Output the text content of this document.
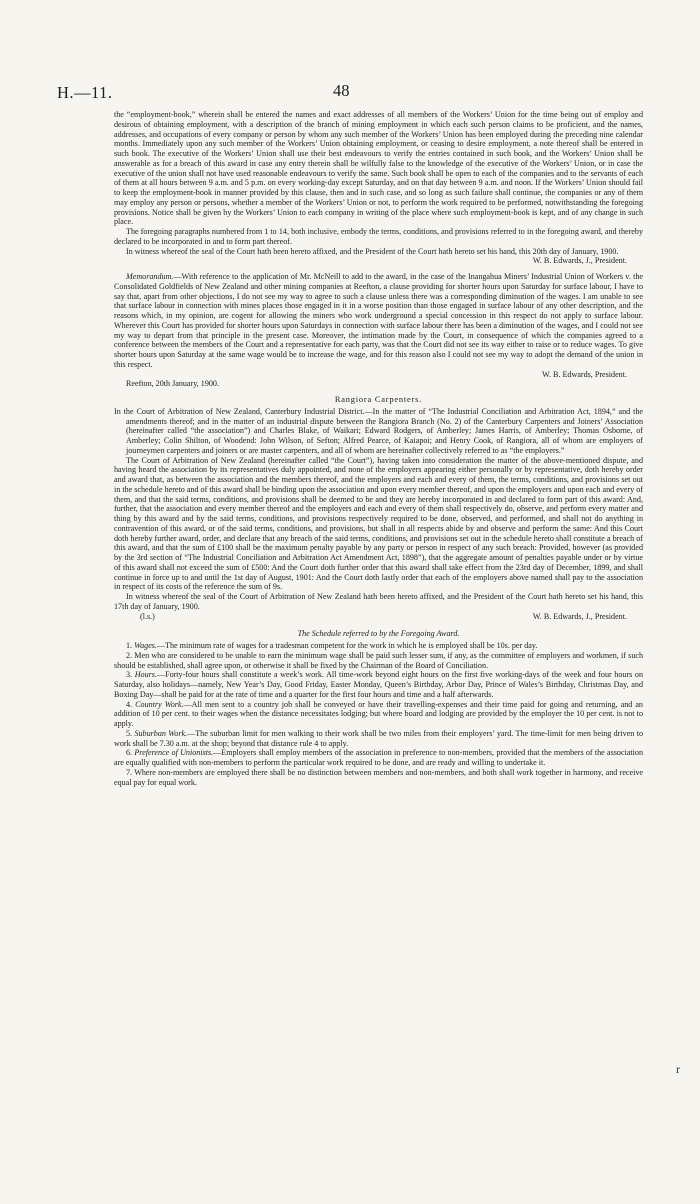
H.—11.	48

the “employment-book,” wherein shall be entered the names and exact addresses of all members of the Workers’ Union for the time being out of employ and desirous of obtaining employment, with a description of the branch of mining employment in which each such person claims to be proficient, and the names, addresses, and occupations of every company or person by whom any such member of the Workers’ Union has been employed during the preceding nine calendar months. Immediately upon any such member of the Workers’ Union obtaining employment, or ceasing to desire employment, a note thereof shall be entered in such book. The executive of the Workers’ Union shall use their best endeavours to verify the entries contained in such book, and the Workers’ Union shall be answerable as for a breach of this award in case any entry therein shall be wilfully false to the knowledge of the executive of the Workers’ Union, or in case the executive of the union shall not have used reasonable endeavours to verify the same. Such book shall be open to each of the companies and to the servants of each of them at all hours between 9 a.m. and 5 p.m. on every working-day except Saturday, and on that day between 9 a.m. and noon. If the Workers’ Union should fail to keep the employment-book in manner provided by this clause, then and in such case, and so long as such failure shall continue, the companies or any of them may employ any person or persons, whether a member of the Workers’ Union or not, to perform the work required to be performed, notwithstanding the foregoing provisions. Notice shall be given by the Workers’ Union to each company in writing of the place where such employment-book is kept, and of any change in such place.

The foregoing paragraphs numbered from 1 to 14, both inclusive, embody the terms, conditions, and provisions referred to in the foregoing award, and thereby declared to be incorporated in and to form part thereof.

In witness whereof the seal of the Court hath been hereto affixed, and the President of the Court hath hereto set his hand, this 20th day of January, 1900.

W. B. Edwards, J., President.

Memorandum.—With reference to the application of Mr. McNeill to add to the award, in the case of the Inangahua Miners’ Industrial Union of Workers v. the Consolidated Goldfields of New Zealand and other mining companies at Reefton, a clause providing for shorter hours upon Saturday for surface labour, I have to say that, apart from other objections, I do not see my way to agree to such a clause unless there was a corresponding diminution of the wages. I am unable to see that surface labour in connection with mines places those engaged in it in a worse position than those engaged in surface labour of any other description, and the reasons which, in my opinion, are cogent for allowing the miners who work underground a special concession in this respect do not apply to surface labour. Wherever this Court has provided for shorter hours upon Saturdays in connection with surface labour there has been a diminution of the wages, and I could not see my way to depart from that principle in the present case. Moreover, the intimation made by the Court, in consequence of which the companies agreed to a conference between the members of the Court and a representative for each party, was that the Court did not see its way either to raise or to reduce wages. To give shorter hours upon Saturday at the same wage would be to increase the wage, and for this reason also I could not see my way to adopt the demand of the union in this respect.

W. B. Edwards, President.

Reefton, 20th January, 1900.

Rangiora Carpenters.

In the Court of Arbitration of New Zealand, Canterbury Industrial District.—In the matter of “The Industrial Conciliation and Arbitration Act, 1894,” and the amendments thereof; and in the matter of an industrial dispute between the Rangiora Branch (No. 2) of the Canterbury Carpenters and Joiners’ Association (hereinafter called “the association”) and Charles Blake, of Waikari; Edward Rodgers, of Amberley; James Harris, of Amberley; Thomas Osborne, of Amberley; Colin Shilton, of Woodend: John Wilson, of Sefton; Alfred Pearce, of Kaiapoi; and Henry Cook, of Rangiora, all of whom are employers of journeymen carpenters and joiners or are master carpenters, and all of whom are hereinafter collectively referred to as “the employers.”

The Court of Arbitration of New Zealand (hereinafter called “the Court”), having taken into consideration the matter of the above-mentioned dispute, and having heard the association by its representatives duly appointed, and none of the employers appearing either personally or by representative, doth hereby order and award that, as between the association and the members thereof, and the employers and each and every of them, the terms, conditions, and provisions set out in the schedule hereto and of this award shall be binding upon the association and upon every member thereof, and upon the employers and upon each and every of them, and that the said terms, conditions, and provisions shall be deemed to be and they are hereby incorporated in and declared to form part of this award: And, further, that the association and every member thereof and the employers and each and every of them shall respectively do, observe, and perform every matter and thing by this award and by the said terms, conditions, and provisions respectively required to be done, observed, and performed, and shall not do anything in contravention of this award, or of the said terms, conditions, and provisions, but shall in all respects abide by and observe and perform the same: And this Court doth hereby further award, order, and declare that any breach of the said terms, conditions, and provisions set out in the schedule hereto shall constitute a breach of this award, and that the sum of £100 shall be the maximum penalty payable by any party or person in respect of any such breach: Provided, however (as provided by the 3rd section of “The Industrial Conciliation and Arbitration Act Amendment Act, 1898”), that the aggregate amount of penalties payable under or by virtue of this award shall not exceed the sum of £500: And the Court doth further order that this award shall take effect from the 23rd day of December, 1899, and shall continue in force up to and until the 1st day of August, 1901: And the Court doth lastly order that each of the employers above named shall pay to the association in respect of its costs of the reference the sum of 9s.

In witness whereof the seal of the Court of Arbitration of New Zealand hath been hereto affixed, and the President of the Court hath hereto set his hand, this 17th day of January, 1900.

(l.s.)	W. B. Edwards, J., President.

The Schedule referred to by the Foregoing Award.

1. Wages.—The minimum rate of wages for a tradesman competent for the work in which he is employed shall be 10s. per day.

2. Men who are considered to be unable to earn the minimum wage shall be paid such lesser sum, if any, as the committee of employers and workmen, if such should be established, shall agree upon, or otherwise it shall be fixed by the Chairman of the Board of Conciliation.

3. Hours.—Forty-four hours shall constitute a week’s work. All time-work beyond eight hours on the first five working-days of the week and four hours on Saturday, also holidays—namely, New Year’s Day, Good Friday, Easter Monday, Queen’s Birthday, Arbor Day, Prince of Wales’s Birthday, Christmas Day, and Boxing Day—shall be paid for at the rate of time and a quarter for the first four hours and time and a half afterwards.

4. Country Work.—All men sent to a country job shall be conveyed or have their travelling-expenses and their time paid for going and returning, and an addition of 10 per cent. to their wages when the distance necessitates lodging; but where board and lodging are provided by the employer the 10 per cent. is not to apply.

5. Suburban Work.—The suburban limit for men walking to their work shall be two miles from their employers’ yard. The time-limit for men being driven to work shall be 7.30 a.m. at the shop; beyond that distance rule 4 to apply.

6. Preference of Unionists.—Employers shall employ members of the association in preference to non-members, provided that the members of the association are equally qualified with non-members to perform the particular work required to be done, and are ready and willing to undertake it.

7. Where non-members are employed there shall be no distinction between members and non-members, and both shall work together in harmony, and receive equal pay for equal work.

r
